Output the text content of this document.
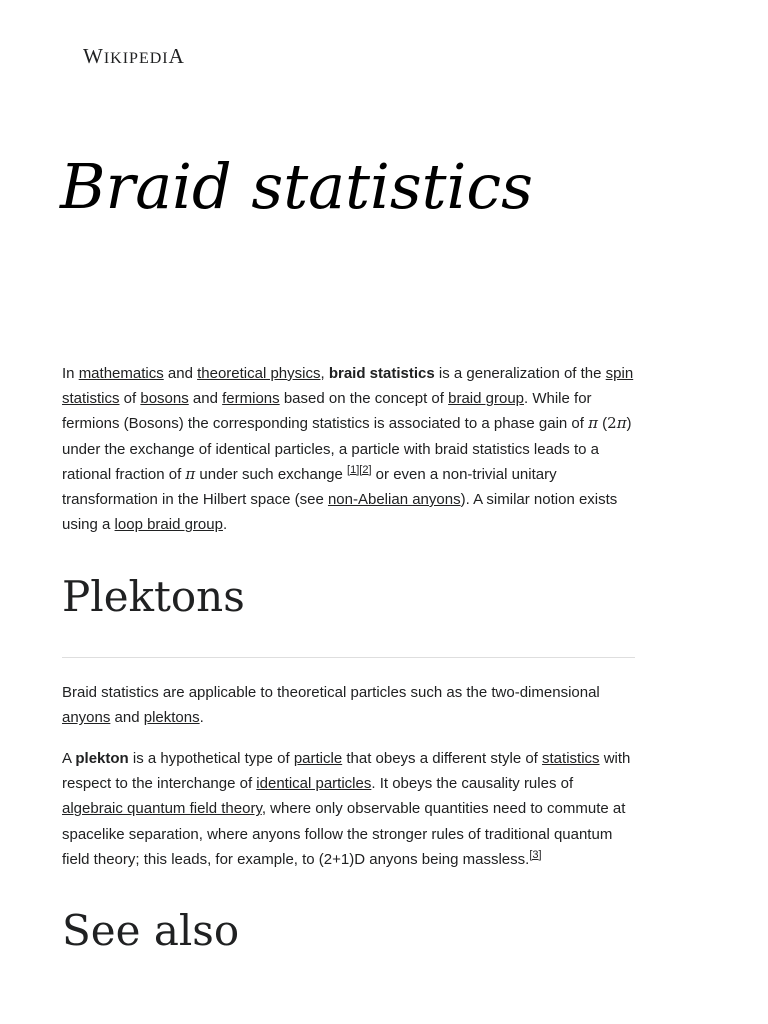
WIKIPEDIA
Braid statistics

In mathematics and theoretical physics, braid statistics is a generalization of the spin statistics of bosons and fermions based on the concept of braid group. While for fermions (Bosons) the corresponding statistics is associated to a phase gain of π (2π) under the exchange of identical particles, a particle with braid statistics leads to a rational fraction of π under such exchange [1][2] or even a non-trivial unitary transformation in the Hilbert space (see non-Abelian anyons). A similar notion exists using a loop braid group.

Plektons

Braid statistics are applicable to theoretical particles such as the two-dimensional anyons and plektons.

A plekton is a hypothetical type of particle that obeys a different style of statistics with respect to the interchange of identical particles. It obeys the causality rules of algebraic quantum field theory, where only observable quantities need to commute at spacelike separation, where anyons follow the stronger rules of traditional quantum field theory; this leads, for example, to (2+1)D anyons being massless.[3]

See also
